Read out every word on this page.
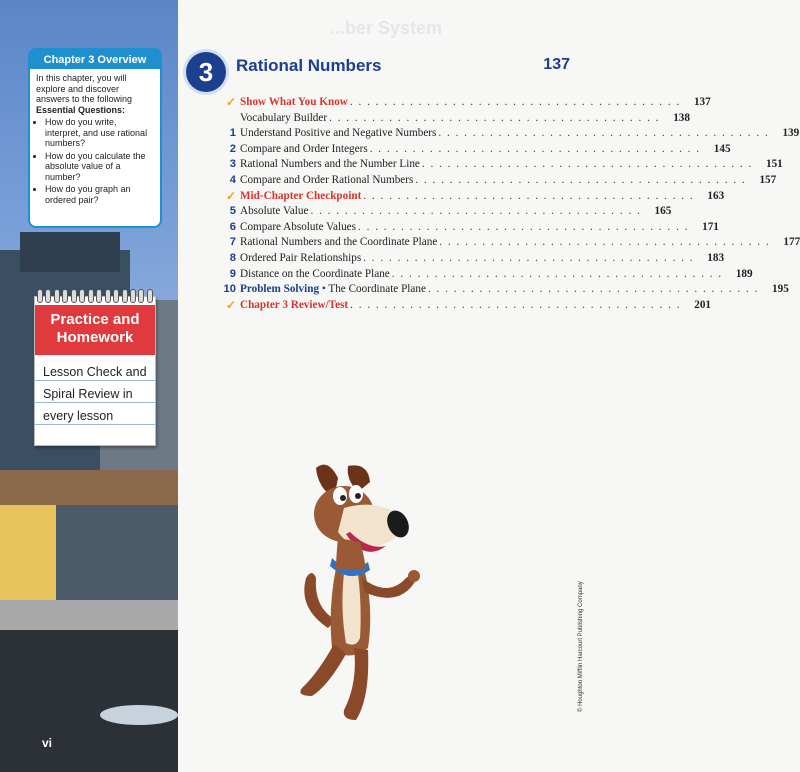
Chapter 3 Overview
In this chapter, you will explore and discover answers to the following Essential Questions:
• How do you write, interpret, and use rational numbers?
• How do you calculate the absolute value of a number?
• How do you graph an ordered pair?
Practice and Homework
Lesson Check and Spiral Review in every lesson
vi
...ber System
3	Rational Numbers	137
✓ Show What You Know . . . . . . . . . . . . . . . . . . . . . . . . . . . . . . . . . . . . . . .	137
Vocabulary Builder . . . . . . . . . . . . . . . . . . . . . . . . . . . . . . . . . . . . . . .	138
1 Understand Positive and Negative Numbers . . . . . . . . . . . . . . . . . . . . . . . . . . . . . . . . . . . . . . .	139
2 Compare and Order Integers . . . . . . . . . . . . . . . . . . . . . . . . . . . . . . . . . . . . . . .	145
3 Rational Numbers and the Number Line . . . . . . . . . . . . . . . . . . . . . . . . . . . . . . . . . . . . . . .	151
4 Compare and Order Rational Numbers . . . . . . . . . . . . . . . . . . . . . . . . . . . . . . . . . . . . . . .	157
✓ Mid-Chapter Checkpoint . . . . . . . . . . . . . . . . . . . . . . . . . . . . . . . . . . . . . . .	163
5 Absolute Value . . . . . . . . . . . . . . . . . . . . . . . . . . . . . . . . . . . . . . .	165
6 Compare Absolute Values . . . . . . . . . . . . . . . . . . . . . . . . . . . . . . . . . . . . . . .	171
7 Rational Numbers and the Coordinate Plane . . . . . . . . . . . . . . . . . . . . . . . . . . . . . . . . . . . . . . .	177
8 Ordered Pair Relationships . . . . . . . . . . . . . . . . . . . . . . . . . . . . . . . . . . . . . . .	183
9 Distance on the Coordinate Plane . . . . . . . . . . . . . . . . . . . . . . . . . . . . . . . . . . . . . . .	189
10 Problem Solving • The Coordinate Plane . . . . . . . . . . . . . . . . . . . . . . . . . . . . . . . . . . . . . . .	195
✓ Chapter 3 Review/Test . . . . . . . . . . . . . . . . . . . . . . . . . . . . . . . . . . . . . . .	201
© Houghton Mifflin Harcourt Publishing Company
